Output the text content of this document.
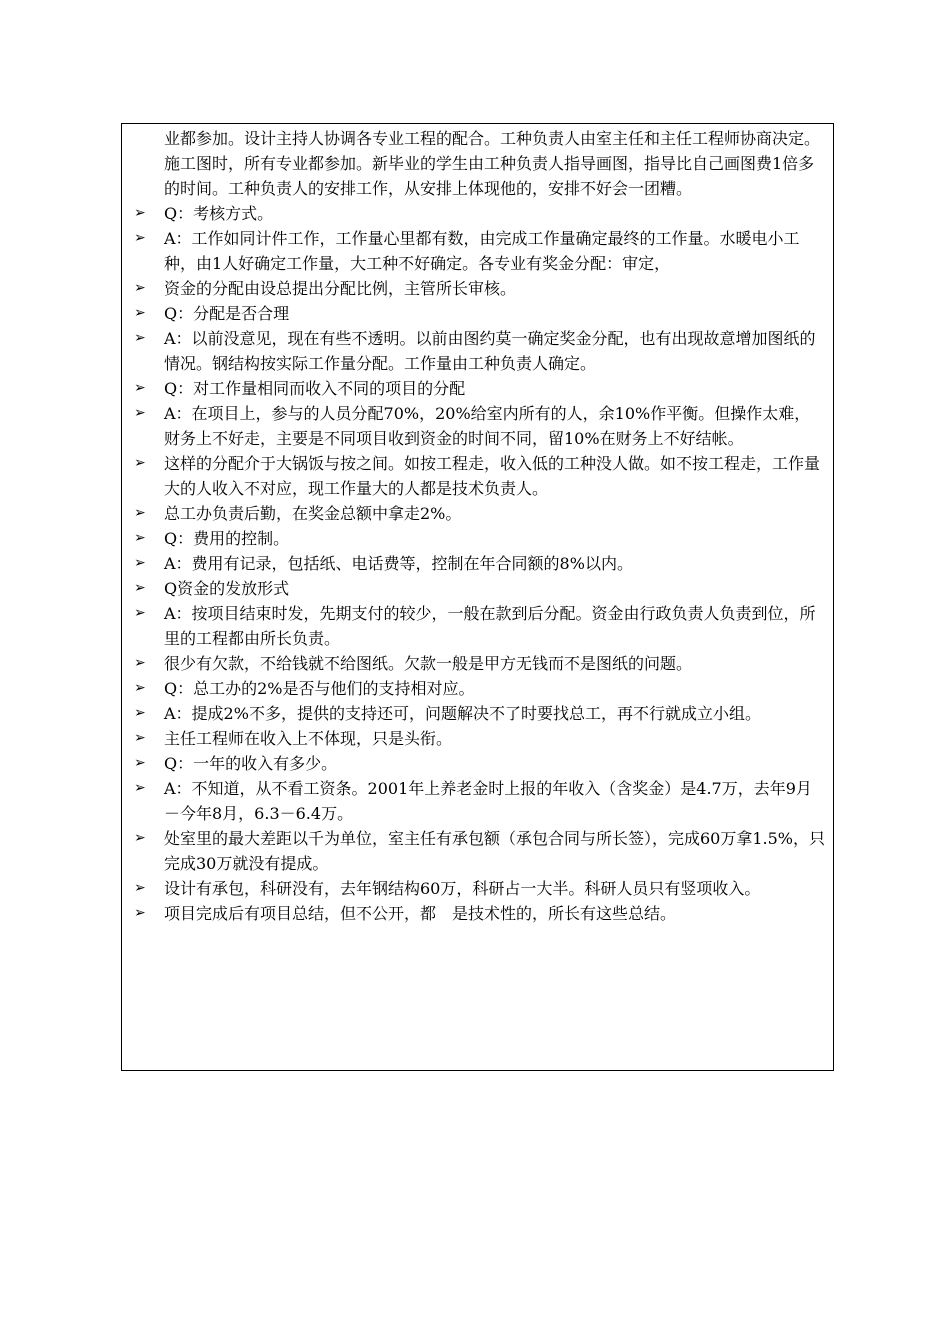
业都参加。设计主持人协调各专业工程的配合。工种负责人由室主任和主任工程师协商决定。施工图时，所有专业都参加。新毕业的学生由工种负责人指导画图，指导比自己画图费1倍多的时间。工种负责人的安排工作，从安排上体现他的，安排不好会一团糟。
➢ Q：考核方式。
➢ A：工作如同计件工作，工作量心里都有数，由完成工作量确定最终的工作量。水暖电小工种，由1人好确定工作量，大工种不好确定。各专业有奖金分配：审定，
➢ 资金的分配由设总提出分配比例，主管所长审核。
➢ Q：分配是否合理
➢ A：以前没意见，现在有些不透明。以前由图约莫一确定奖金分配，也有出现故意增加图纸的情况。钢结构按实际工作量分配。工作量由工种负责人确定。
➢ Q：对工作量相同而收入不同的项目的分配
➢ A：在项目上，参与的人员分配70%，20%给室内所有的人，余10%作平衡。但操作太难，财务上不好走，主要是不同项目收到资金的时间不同，留10%在财务上不好结帐。
➢ 这样的分配介于大锅饭与按之间。如按工程走，收入低的工种没人做。如不按工程走，工作量大的人收入不对应，现工作量大的人都是技术负责人。
➢ 总工办负责后勤，在奖金总额中拿走2%。
➢ Q：费用的控制。
➢ A：费用有记录，包括纸、电话费等，控制在年合同额的8%以内。
➢ Q资金的发放形式
➢ A：按项目结束时发，先期支付的较少，一般在款到后分配。资金由行政负责人负责到位，所里的工程都由所长负责。
➢ 很少有欠款，不给钱就不给图纸。欠款一般是甲方无钱而不是图纸的问题。
➢ Q：总工办的2%是否与他们的支持相对应。
➢ A：提成2%不多，提供的支持还可，问题解决不了时要找总工，再不行就成立小组。
➢ 主任工程师在收入上不体现，只是头衔。
➢ Q：一年的收入有多少。
➢ A：不知道，从不看工资条。2001年上养老金时上报的年收入（含奖金）是4.7万，去年9月－今年8月，6.3－6.4万。
➢ 处室里的最大差距以千为单位，室主任有承包额（承包合同与所长签），完成60万拿1.5%，只完成30万就没有提成。
➢ 设计有承包，科研没有，去年钢结构60万，科研占一大半。科研人员只有竖项收入。
➢ 项目完成后有项目总结，但不公开，都　是技术性的，所长有这些总结。
